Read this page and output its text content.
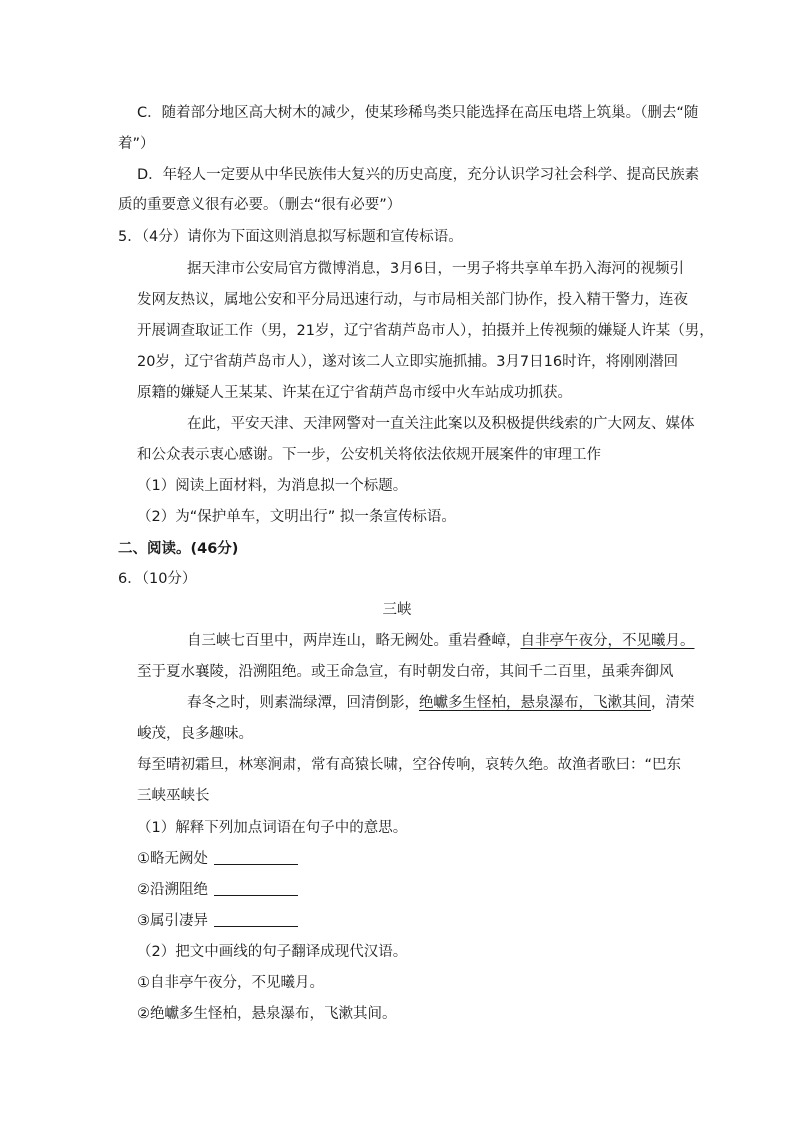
C．随着部分地区高大树木的减少，使某珍稀鸟类只能选择在高压电塔上筑巢。（删去“随
着”）
D．年轻人一定要从中华民族伟大复兴的历史高度，充分认识学习社会科学、提高民族素
质的重要意义很有必要。（删去“很有必要”）
5．（4分）请你为下面这则消息拟写标题和宣传标语。
据天津市公安局官方微博消息，3月6日，一男子将共享单车扔入海河的视频引
发网友热议，属地公安和平分局迅速行动，与市局相关部门协作，投入精干警力，连夜
开展调查取证工作（男，21岁，辽宁省葫芦岛市人），拍摄并上传视频的嫌疑人许某（男，
20岁，辽宁省葫芦岛市人），遂对该二人立即实施抓捕。3月7日16时许，将刚刚潜回
原籍的嫌疑人王某某、许某在辽宁省葫芦岛市绥中火车站成功抓获。
在此，平安天津、天津网警对一直关注此案以及积极提供线索的广大网友、媒体
和公众表示衷心感谢。下一步，公安机关将依法依规开展案件的审理工作
（1）阅读上面材料，为消息拟一个标题。
（2）为“保护单车，文明出行” 拟一条宣传标语。
二、阅读。(46分)
6．（10分）
三峡
自三峡七百里中，两岸连山，略无阙处。重岩叠嶂，自非亭午夜分，不见曦月。
至于夏水襄陵，沿溯阻绝。或王命急宣，有时朝发白帝，其间千二百里，虽乘奔御风
春冬之时，则素湍绿潭，回清倒影，绝巘多生怪柏，悬泉瀑布，飞漱其间，清荣
峻茂，良多趣味。
每至晴初霜旦，林寒涧肃，常有高猿长啸，空谷传响，哀转久绝。故渔者歌曰：“巴东
三峡巫峡长
（1）解释下列加点词语在句子中的意思。
①略无阙处
②沿溯阻绝
③属引凄异
（2）把文中画线的句子翻译成现代汉语。
①自非亭午夜分，不见曦月。
②绝巘多生怪柏，悬泉瀑布，飞漱其间。
